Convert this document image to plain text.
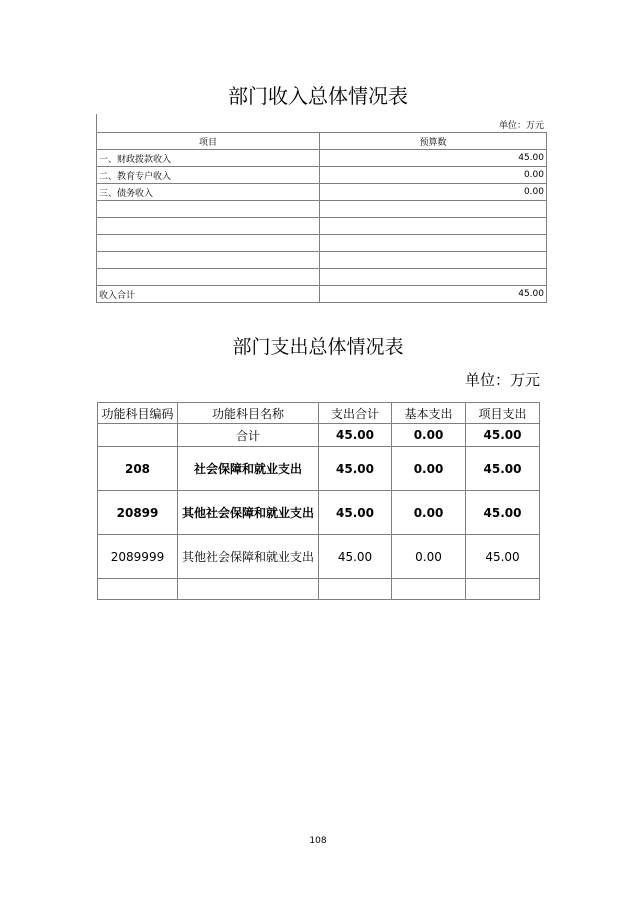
部门收入总体情况表
单位：万元
项目	预算数
一、财政拨款收入	45.00
二、教育专户收入	0.00
三、债务收入	0.00

收入合计	45.00
部门支出总体情况表
单位：万元
功能科目编码	功能科目名称	支出合计	基本支出	项目支出
	合计	45.00	0.00	45.00
208	社会保障和就业支出	45.00	0.00	45.00
20899	其他社会保障和就业支出	45.00	0.00	45.00
2089999	其他社会保障和就业支出	45.00	0.00	45.00

108
